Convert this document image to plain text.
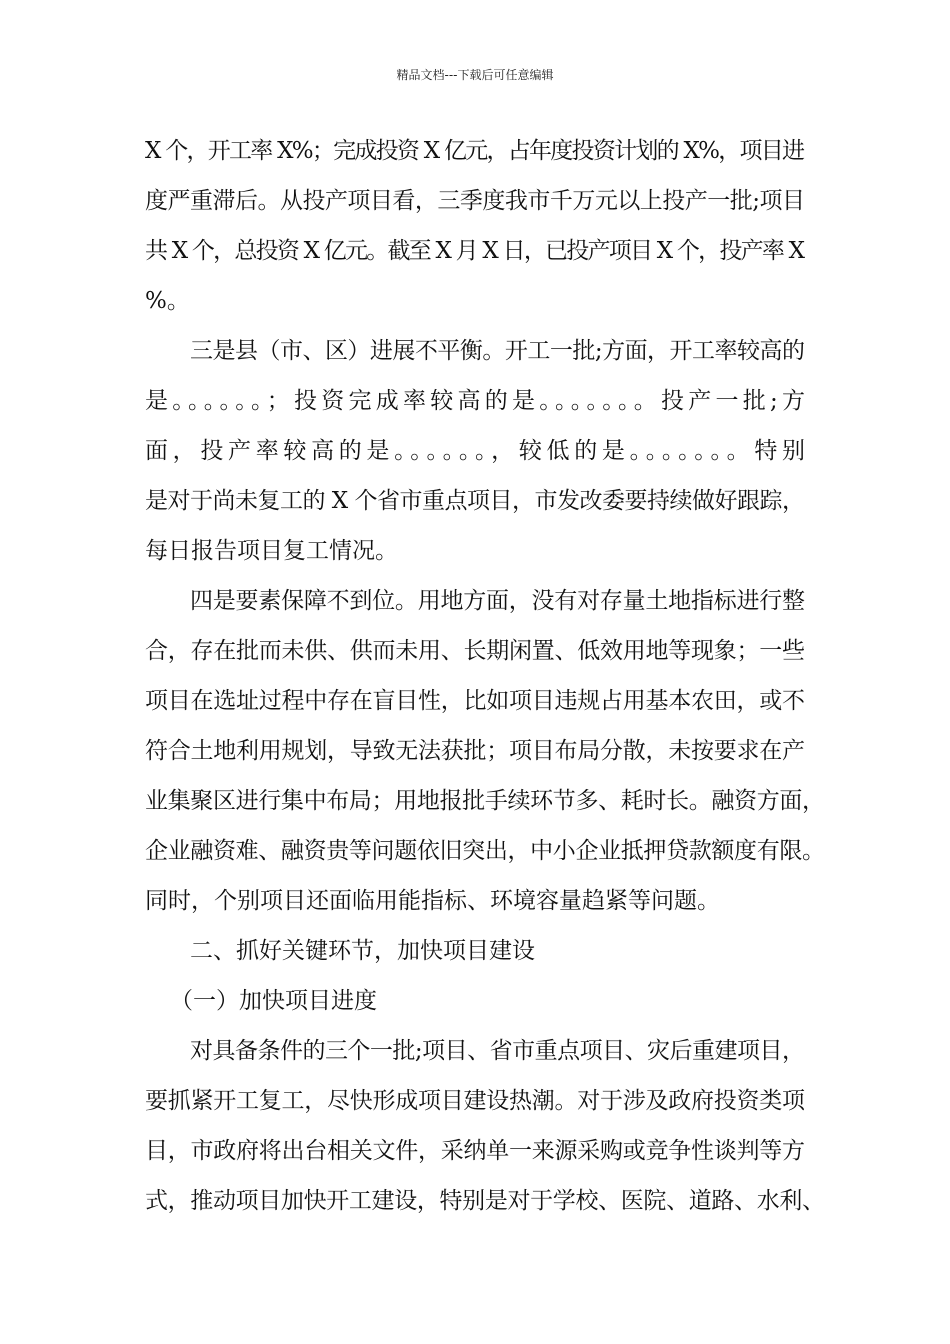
精品文档---下载后可任意编辑
X 个，开工率 X%；完成投资 X 亿元，占年度投资计划的 X%，项目进
度严重滞后。从投产项目看，三季度我市千万元以上投产一批;项目
共 X 个，总投资 X 亿元。截至 X 月 X 日，已投产项目 X 个，投产率 X
%。
三是县（市、区）进展不平衡。开工一批;方面，开工率较高的
是。。。。。。；投资完成率较高的是。。。。。。。投产一批;方
面，投产率较高的是。。。。。。，较低的是。。。。。。。特别
是对于尚未复工的 X 个省市重点项目，市发改委要持续做好跟踪，
每日报告项目复工情况。
四是要素保障不到位。用地方面，没有对存量土地指标进行整
合，存在批而未供、供而未用、长期闲置、低效用地等现象；一些
项目在选址过程中存在盲目性，比如项目违规占用基本农田，或不
符合土地利用规划，导致无法获批；项目布局分散，未按要求在产
业集聚区进行集中布局；用地报批手续环节多、耗时长。融资方面，
企业融资难、融资贵等问题依旧突出，中小企业抵押贷款额度有限。
同时，个别项目还面临用能指标、环境容量趋紧等问题。
二、抓好关键环节，加快项目建设
（一）加快项目进度
对具备条件的三个一批;项目、省市重点项目、灾后重建项目，
要抓紧开工复工，尽快形成项目建设热潮。对于涉及政府投资类项
目，市政府将出台相关文件，采纳单一来源采购或竞争性谈判等方
式，推动项目加快开工建设，特别是对于学校、医院、道路、水利、
